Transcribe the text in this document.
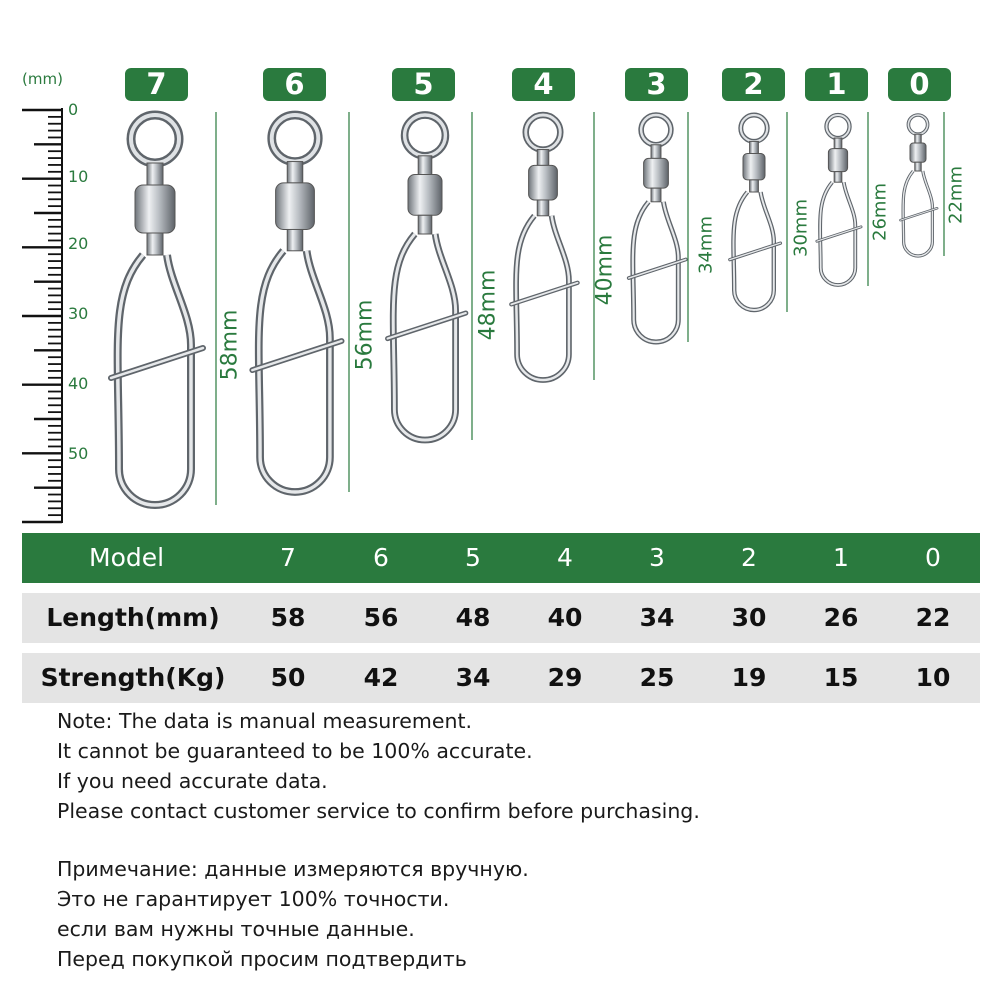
(mm)
0
10
20
30
40
50
7	6	5	4	3	2	1	0
58mm	56mm	48mm	40mm	34mm	30mm	26mm	22mm
Model	7	6	5	4	3	2	1	0
Length(mm)	58	56	48	40	34	30	26	22
Strength(Kg)	50	42	34	29	25	19	15	10
Note: The data is manual measurement.
It cannot be guaranteed to be 100% accurate.
If you need accurate data.
Please contact customer service to confirm before purchasing.
Примечание: данные измеряются вручную.
Это не гарантирует 100% точности.
если вам нужны точные данные.
Перед покупкой просим подтвердить
